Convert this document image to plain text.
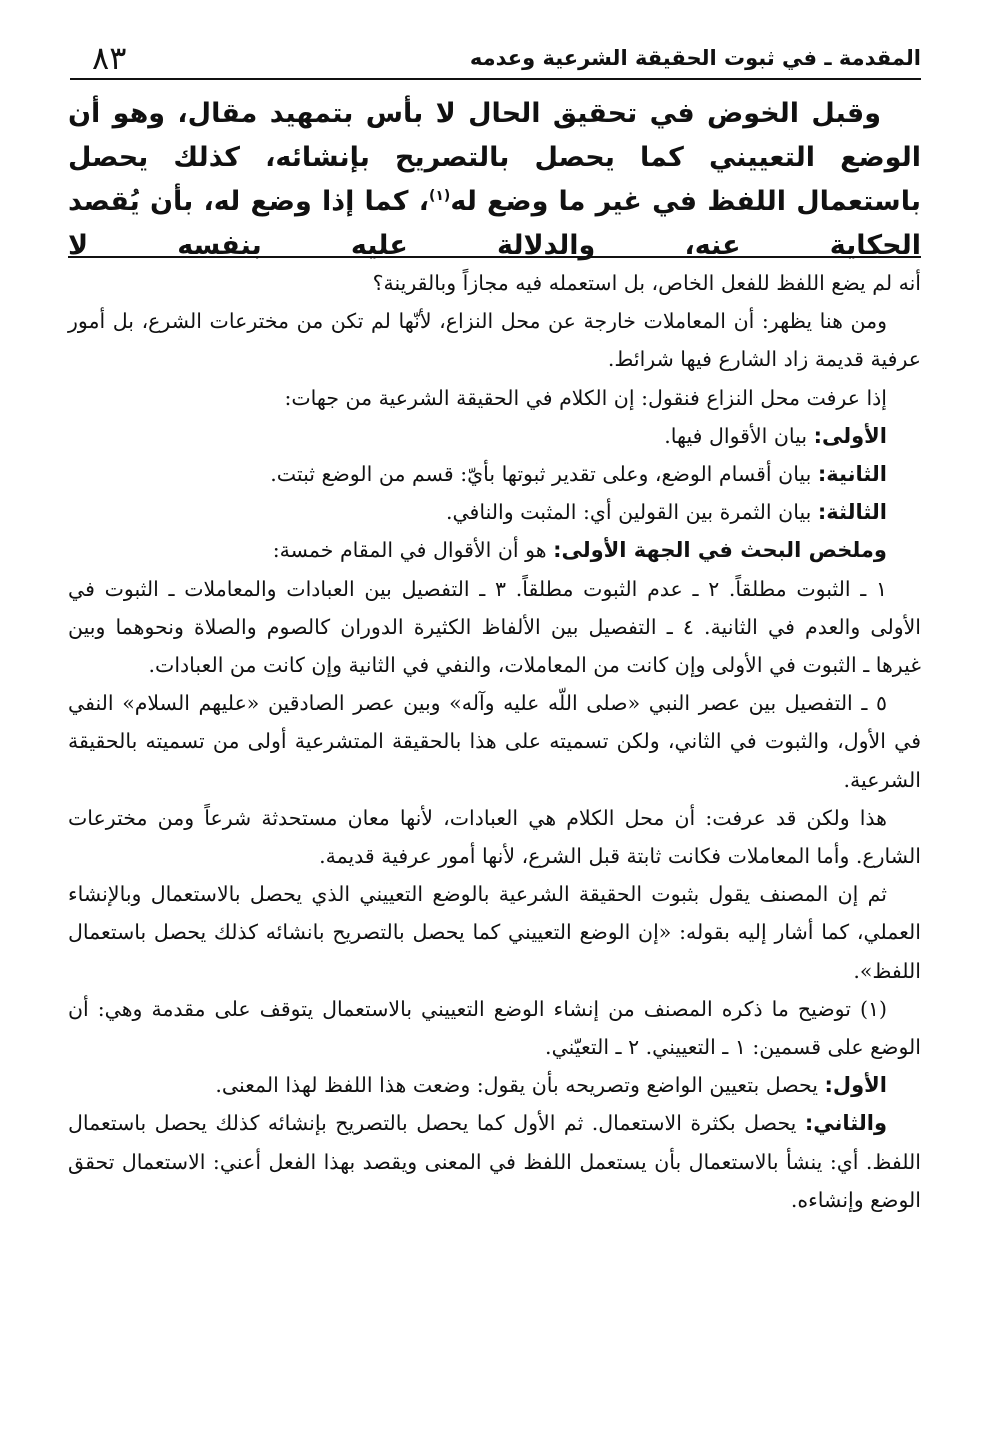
٨٣	المقدمة ـ في ثبوت الحقيقة الشرعية وعدمه

وقبل الخوض في تحقيق الحال لا بأس بتمهيد مقال، وهو أن الوضع التعييني كما يحصل بالتصريح بإنشائه، كذلك يحصل باستعمال اللفظ في غير ما وضع له$^{(١)}$، كما إذا وضع له، بأن يُقصد الحكاية عنه، والدلالة عليه بنفسه لا

أنه لم يضع اللفظ للفعل الخاص، بل استعمله فيه مجازاً وبالقرينة؟

ومن هنا يظهر: أن المعاملات خارجة عن محل النزاع، لأنّها لم تكن من مخترعات الشرع، بل أمور عرفية قديمة زاد الشارع فيها شرائط.

إذا عرفت محل النزاع فنقول: إن الكلام في الحقيقة الشرعية من جهات:

الأولى: بيان الأقوال فيها.

الثانية: بيان أقسام الوضع، وعلى تقدير ثبوتها بأيّ: قسم من الوضع ثبتت.

الثالثة: بيان الثمرة بين القولين أي: المثبت والنافي.

وملخص البحث في الجهة الأولى: هو أن الأقوال في المقام خمسة:

١ ـ الثبوت مطلقاً. ٢ ـ عدم الثبوت مطلقاً. ٣ ـ التفصيل بين العبادات والمعاملات ـ الثبوت في الأولى والعدم في الثانية. ٤ ـ التفصيل بين الألفاظ الكثيرة الدوران كالصوم والصلاة ونحوهما وبين غيرها ـ الثبوت في الأولى وإن كانت من المعاملات، والنفي في الثانية وإن كانت من العبادات.

٥ ـ التفصيل بين عصر النبي «صلى اللّه عليه وآله» وبين عصر الصادقين «عليهم السلام» النفي في الأول، والثبوت في الثاني، ولكن تسميته على هذا بالحقيقة المتشرعية أولى من تسميته بالحقيقة الشرعية.

هذا ولكن قد عرفت: أن محل الكلام هي العبادات، لأنها معان مستحدثة شرعاً ومن مخترعات الشارع. وأما المعاملات فكانت ثابتة قبل الشرع، لأنها أمور عرفية قديمة.

ثم إن المصنف يقول بثبوت الحقيقة الشرعية بالوضع التعييني الذي يحصل بالاستعمال وبالإنشاء العملي، كما أشار إليه بقوله: «إن الوضع التعييني كما يحصل بالتصريح بانشائه كذلك يحصل باستعمال اللفظ».

(١) توضيح ما ذكره المصنف من إنشاء الوضع التعييني بالاستعمال يتوقف على مقدمة وهي: أن الوضع على قسمين: ١ ـ التعييني. ٢ ـ التعيّني.

الأول: يحصل بتعيين الواضع وتصريحه بأن يقول: وضعت هذا اللفظ لهذا المعنى.

والثاني: يحصل بكثرة الاستعمال. ثم الأول كما يحصل بالتصريح بإنشائه كذلك يحصل باستعمال اللفظ. أي: ينشأ بالاستعمال بأن يستعمل اللفظ في المعنى ويقصد بهذا الفعل أعني: الاستعمال تحقق الوضع وإنشاءه.
